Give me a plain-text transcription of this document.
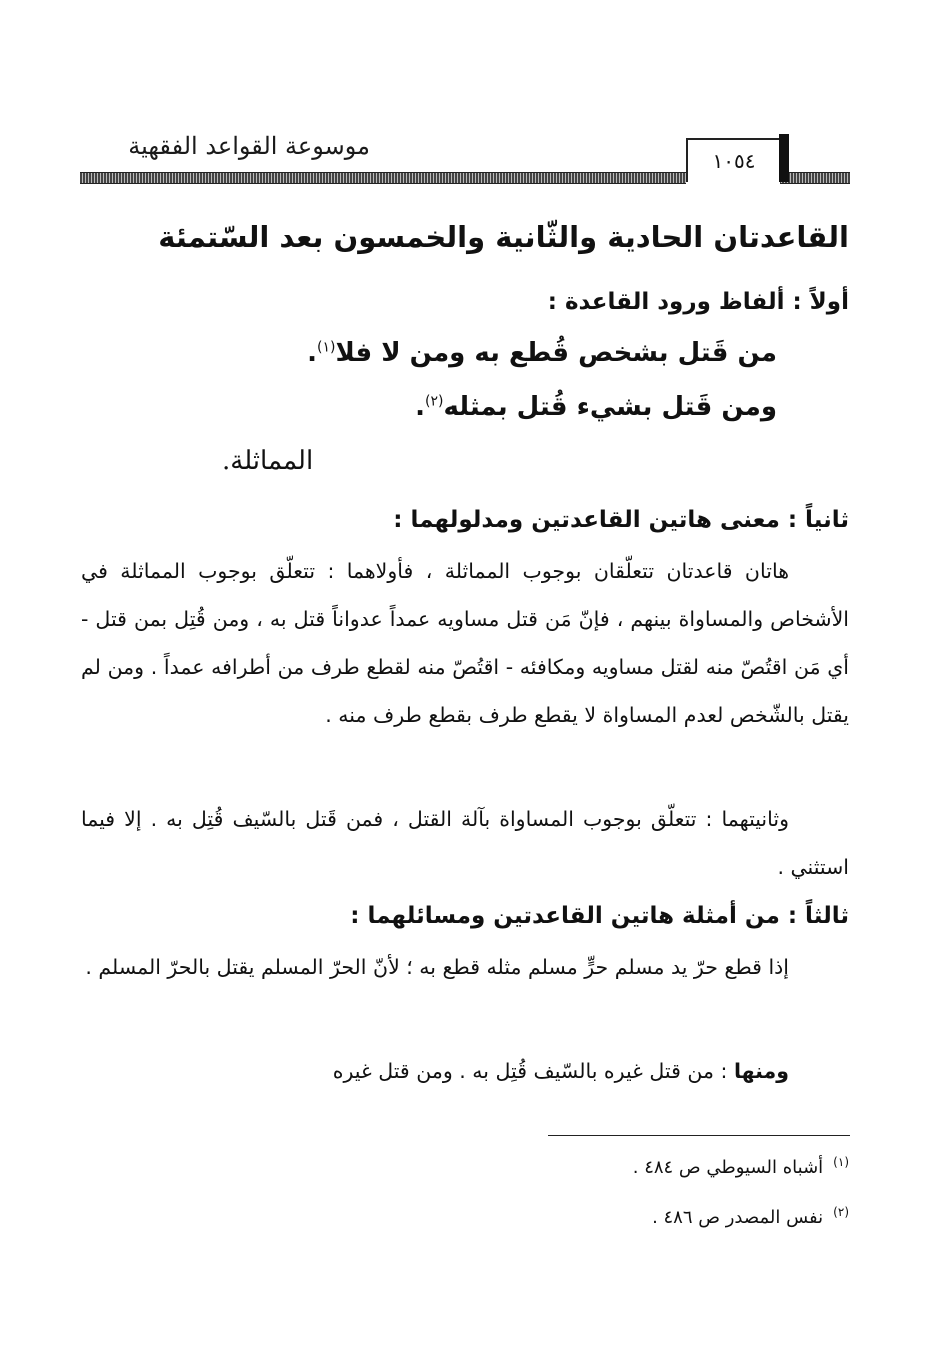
موسوعة القواعد الفقهية
١٠٥٤
القاعدتان الحادية والثّانية والخمسون بعد السّتمئة
أولاً : ألفاظ ورود القاعدة :
من قَتل بشخص قُطع به ومن لا فلا$^{(١)}$.
ومن قَتل بشيء قُتل بمثله$^{(٢)}$.
المماثلة.
ثانياً : معنى هاتين القاعدتين ومدلولهما :
هاتان قاعدتان تتعلّقان بوجوب المماثلة ، فأولاهما : تتعلّق بوجوب المماثلة في الأشخاص والمساواة بينهم ، فإنّ مَن قتل مساويه عمداً عدواناً قتل به ، ومن قُتِل بمن قتل - أي مَن اقتُصّ منه لقتل مساويه ومكافئه - اقتُصّ منه لقطع طرف من أطرافه عمداً . ومن لم يقتل بالشّخص لعدم المساواة لا يقطع طرف بقطع طرف منه .
وثانيتهما : تتعلّق بوجوب المساواة بآلة القتل ، فمن قَتل بالسّيف قُتِل به . إلا فيما استثني .
ثالثاً : من أمثلة هاتين القاعدتين ومسائلهما :
إذا قطع حرّ يد مسلم حرٍّ مسلم مثله قطع به ؛ لأنّ الحرّ المسلم يقتل بالحرّ المسلم .
ومنها : من قتل غيره بالسّيف قُتِل به . ومن قتل غيره
$^{(١)}$أشباه السيوطي ص ٤٨٤ .
$^{(٢)}$نفس المصدر ص ٤٨٦ .
